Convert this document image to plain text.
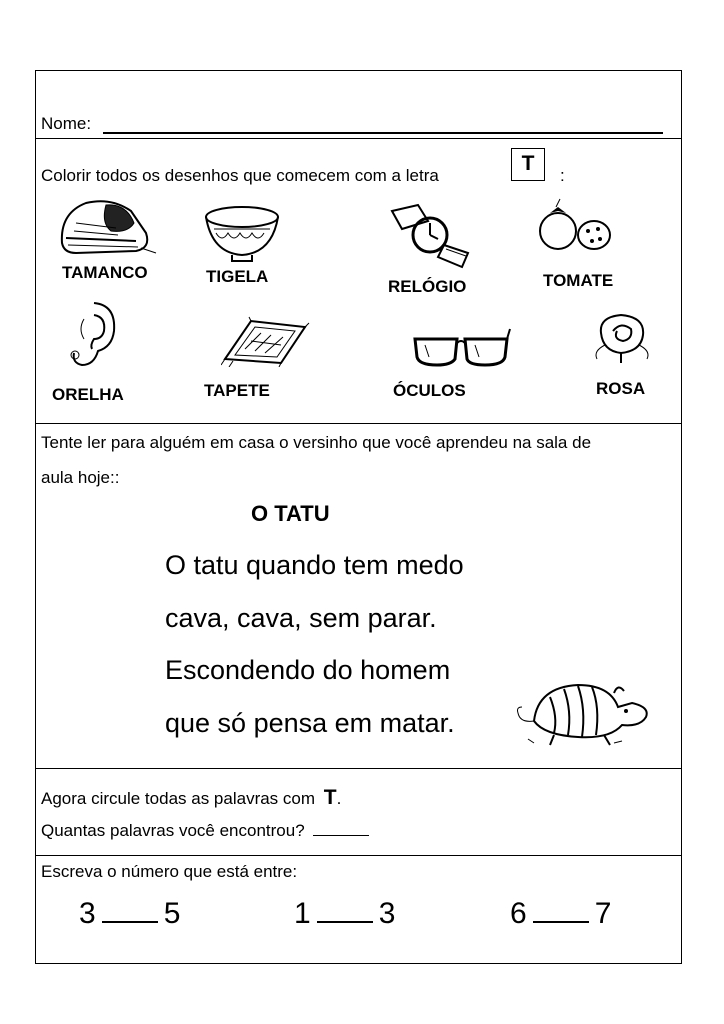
Nome:
Colorir todos os desenhos que comecem com a letra
T
:
TAMANCO	TIGELA
RELÓGIO	TOMATE
ORELHA	TAPETE	ÓCULOS	ROSA
Tente ler para alguém em casa o versinho que você aprendeu na sala de
aula hoje::
O TATU
O tatu quando tem medo
cava, cava, sem parar.
Escondendo do homem
que só pensa em matar.
Agora circule todas as palavras com T.
Quantas palavras você encontrou?
Escreva o número que está entre:
3 5	1 3	6 7
